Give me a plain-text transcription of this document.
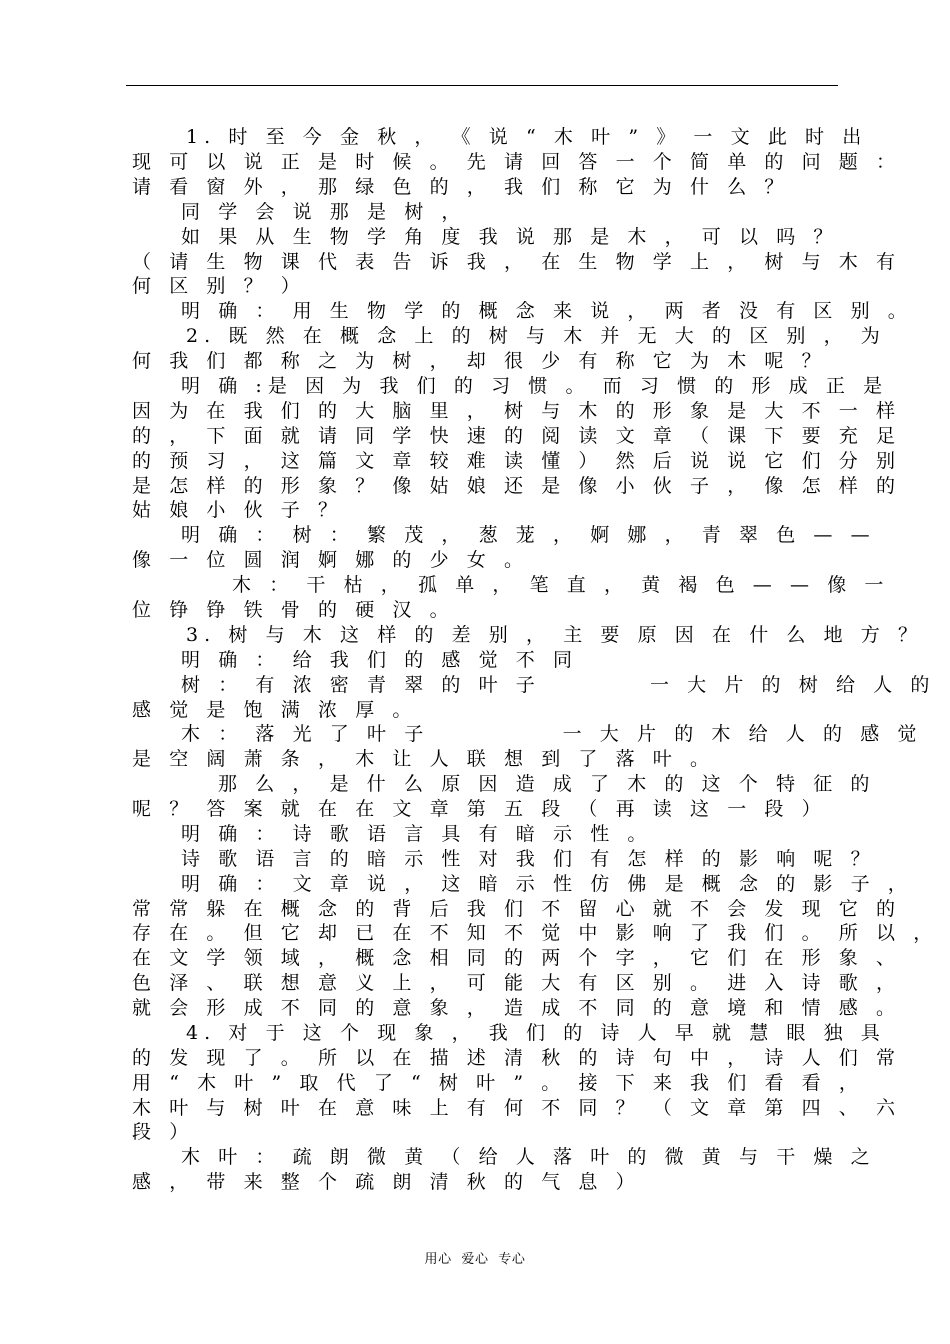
1. 时 至 今 金 秋 ， 《 说 “ 木 叶 ” 》 一 文 此 时 出
现 可 以 说 正 是 时 候 。 先 请 回 答 一 个 简 单 的 问 题 ：
请 看 窗 外 ， 那 绿 色 的 ， 我 们 称 它 为 什 么 ？
同 学 会 说 那 是 树 ，
如 果 从 生 物 学 角 度 我 说 那 是 木 ， 可 以 吗 ？
（ 请 生 物 课 代 表 告 诉 我 ， 在 生 物 学 上 ， 树 与 木 有
何 区 别 ？ ）
明 确 ： 用 生 物 学 的 概 念 来 说 ， 两 者 没 有 区 别 。
2. 既 然 在 概 念 上 的 树 与 木 并 无 大 的 区 别 ， 为
何 我 们 都 称 之 为 树 ， 却 很 少 有 称 它 为 木 呢 ？
明 确 :是 因 为 我 们 的 习 惯 。 而 习 惯 的 形 成 正 是
因 为 在 我 们 的 大 脑 里 ， 树 与 木 的 形 象 是 大 不 一 样
的 ， 下 面 就 请 同 学 快 速 的 阅 读 文 章 （ 课 下 要 充 足
的 预 习 ， 这 篇 文 章 较 难 读 懂 ） 然 后 说 说 它 们 分 别
是 怎 样 的 形 象 ？ 像 姑 娘 还 是 像 小 伙 子 ， 像 怎 样 的
姑 娘 小 伙 子 ？
明 确 ： 树 ： 繁 茂 ， 葱 茏 ， 婀 娜 ， 青 翠 色 — —
像 一 位 圆 润 婀 娜 的 少 女 。
木 ： 干 枯 ， 孤 单 ， 笔 直 ， 黄 褐 色 — — 像 一
位 铮 铮 铁 骨 的 硬 汉 。
3. 树 与 木 这 样 的 差 别 ， 主 要 原 因 在 什 么 地 方 ？
明 确 ： 给 我 们 的 感 觉 不 同
树 ： 有 浓 密 青 翠 的 叶 子         一 大 片 的 树 给 人 的
感 觉 是 饱 满 浓 厚 。
木 ： 落 光 了 叶 子           一 大 片 的 木 给 人 的 感 觉
是 空 阔 萧 条 ， 木 让 人 联 想 到 了 落 叶 。
那 么 ， 是 什 么 原 因 造 成 了 木 的 这 个 特 征 的
呢 ？ 答 案 就 在 在 文 章 第 五 段 （ 再 读 这 一 段 ）
明 确 ： 诗 歌 语 言 具 有 暗 示 性 。
诗 歌 语 言 的 暗 示 性 对 我 们 有 怎 样 的 影 响 呢 ？
明 确 ： 文 章 说 ， 这 暗 示 性 仿 佛 是 概 念 的 影 子 ，
常 常 躲 在 概 念 的 背 后 我 们 不 留 心 就 不 会 发 现 它 的
存 在 。 但 它 却 已 在 不 知 不 觉 中 影 响 了 我 们 。 所 以 ，
在 文 学 领 域 ， 概 念 相 同 的 两 个 字 ， 它 们 在 形 象 、
色 泽 、 联 想 意 义 上 ， 可 能 大 有 区 别 。 进 入 诗 歌 ，
就 会 形 成 不 同 的 意 象 ， 造 成 不 同 的 意 境 和 情 感 。
4. 对 于 这 个 现 象 ， 我 们 的 诗 人 早 就 慧 眼 独 具
的 发 现 了 。 所 以 在 描 述 清 秋 的 诗 句 中 ， 诗 人 们 常
用 “ 木 叶 ” 取 代 了 “ 树 叶 ” 。 接 下 来 我 们 看 看 ，
木 叶 与 树 叶 在 意 味 上 有 何 不 同 ？ （ 文 章 第 四 、 六
段 ）
木 叶 ： 疏 朗 微 黄 （ 给 人 落 叶 的 微 黄 与 干 燥 之
感 ， 带 来 整 个 疏 朗 清 秋 的 气 息 ）
用心  爱心  专心
